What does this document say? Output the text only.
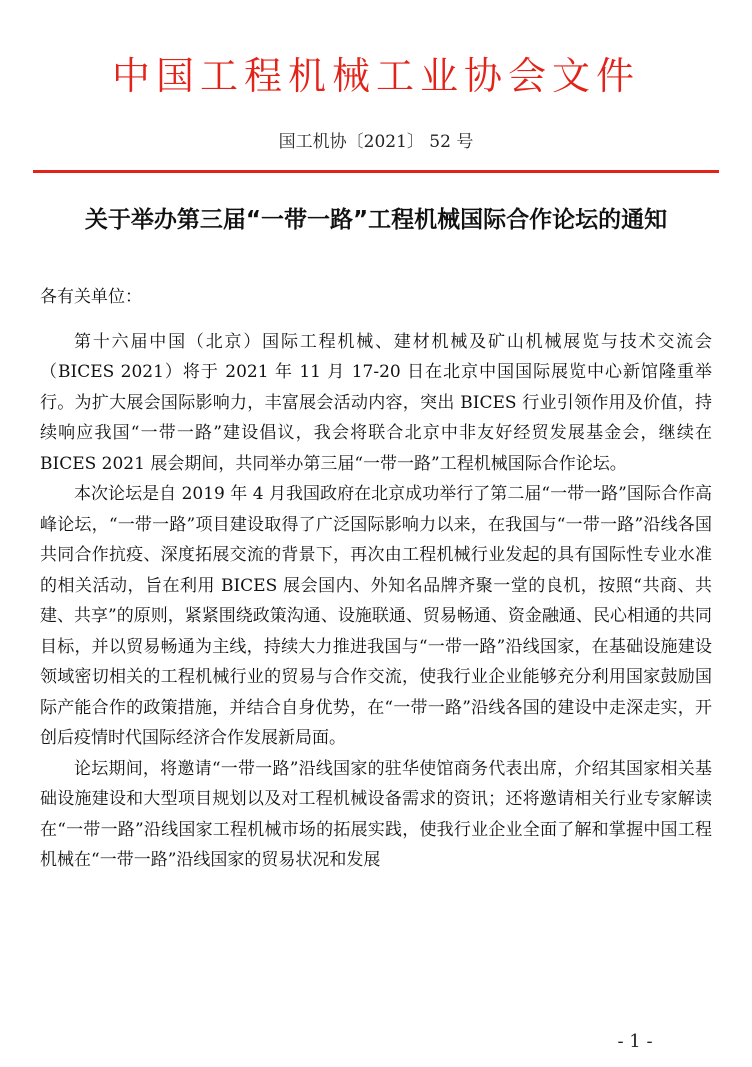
中国工程机械工业协会文件
国工机协〔2021〕 52 号
关于举办第三届“一带一路”工程机械国际合作论坛的通知

各有关单位：

第十六届中国（北京）国际工程机械、建材机械及矿山机械展览与技术交流会（BICES 2021）将于 2021 年 11 月 17-20 日在北京中国国际展览中心新馆隆重举行。为扩大展会国际影响力，丰富展会活动内容，突出 BICES 行业引领作用及价值，持续响应我国“一带一路”建设倡议，我会将联合北京中非友好经贸发展基金会，继续在 BICES 2021 展会期间，共同举办第三届“一带一路”工程机械国际合作论坛。

本次论坛是自 2019 年 4 月我国政府在北京成功举行了第二届“一带一路”国际合作高峰论坛，“一带一路”项目建设取得了广泛国际影响力以来，在我国与“一带一路”沿线各国共同合作抗疫、深度拓展交流的背景下，再次由工程机械行业发起的具有国际性专业水准的相关活动，旨在利用 BICES 展会国内、外知名品牌齐聚一堂的良机，按照“共商、共建、共享”的原则，紧紧围绕政策沟通、设施联通、贸易畅通、资金融通、民心相通的共同目标，并以贸易畅通为主线，持续大力推进我国与“一带一路”沿线国家，在基础设施建设领域密切相关的工程机械行业的贸易与合作交流，使我行业企业能够充分利用国家鼓励国际产能合作的政策措施，并结合自身优势，在“一带一路”沿线各国的建设中走深走实，开创后疫情时代国际经济合作发展新局面。

论坛期间，将邀请“一带一路”沿线国家的驻华使馆商务代表出席，介绍其国家相关基础设施建设和大型项目规划以及对工程机械设备需求的资讯；还将邀请相关行业专家解读在“一带一路”沿线国家工程机械市场的拓展实践，使我行业企业全面了解和掌握中国工程机械在“一带一路”沿线国家的贸易状况和发展

- 1 -
